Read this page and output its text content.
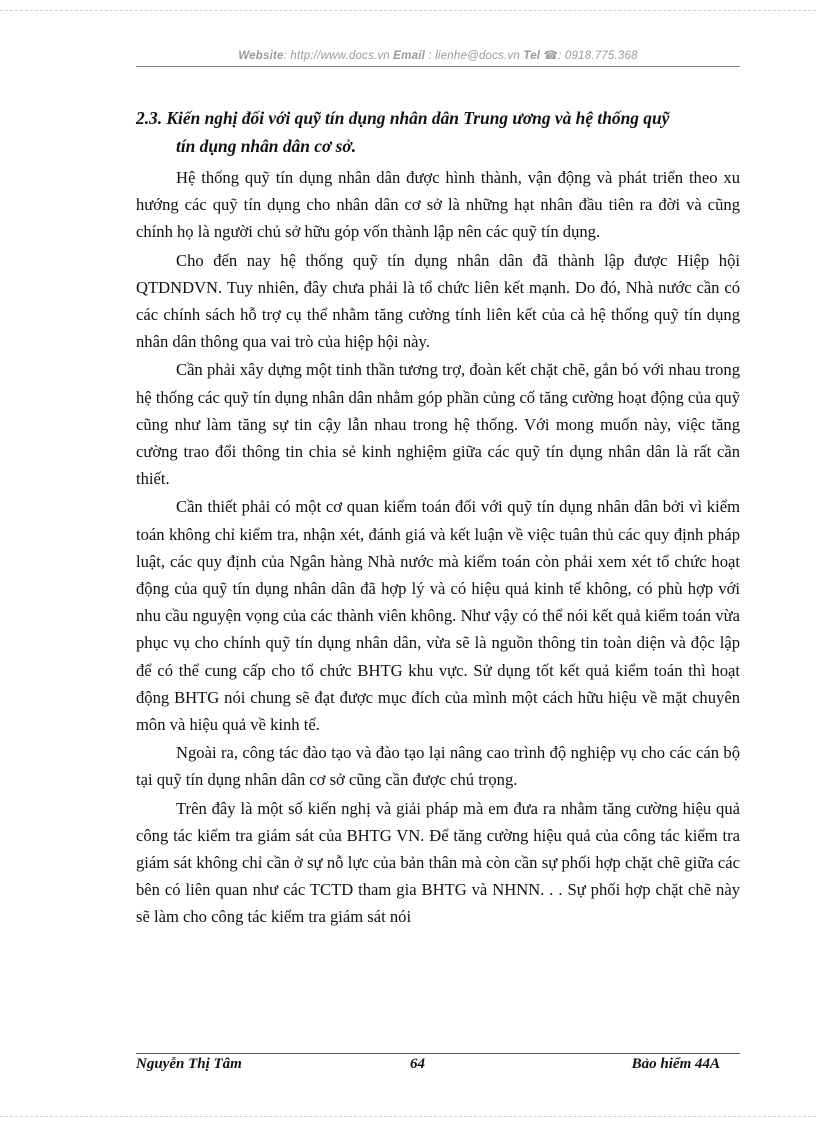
Website: http://www.docs.vn Email : lienhe@docs.vn Tel ☎: 0918.775.368
2.3. Kiến nghị đối với quỹ tín dụng nhân dân Trung ương và hệ thống quỹ
tín dụng nhân dân cơ sở.

Hệ thống quỹ tín dụng nhân dân được hình thành, vận động và phát triển theo xu hướng các quỹ tín dụng cho nhân dân cơ sở là những hạt nhân đầu tiên ra đời và cũng chính họ là người chủ sở hữu góp vốn thành lập nên các quỹ tín dụng.

Cho đến nay hệ thống quỹ tín dụng nhân dân đã thành lập được Hiệp hội QTDNDVN. Tuy nhiên, đây chưa phải là tổ chức liên kết mạnh. Do đó, Nhà nước cần có các chính sách hỗ trợ cụ thể nhằm tăng cường tính liên kết của cả hệ thống quỹ tín dụng nhân dân thông qua vai trò của hiệp hội này.

Cần phải xây dựng một tinh thần tương trợ, đoàn kết chặt chẽ, gắn bó với nhau trong hệ thống các quỹ tín dụng nhân dân nhằm góp phần củng cố tăng cường hoạt động của quỹ cũng như làm tăng sự tin cậy lẫn nhau trong hệ thống. Với mong muốn này, việc tăng cường trao đổi thông tin chia sẻ kinh nghiệm giữa các quỹ tín dụng nhân dân là rất cần thiết.

Cần thiết phải có một cơ quan kiểm toán đối với quỹ tín dụng nhân dân bởi vì kiểm toán không chỉ kiểm tra, nhận xét, đánh giá và kết luận về việc tuân thủ các quy định pháp luật, các quy định của Ngân hàng Nhà nước mà kiểm toán còn phải xem xét tổ chức hoạt động của quỹ tín dụng nhân dân đã hợp lý và có hiệu quả kinh tế không, có phù hợp với nhu cầu nguyện vọng của các thành viên không. Như vậy có thể nói kết quả kiểm toán vừa phục vụ cho chính quỹ tín dụng nhân dân, vừa sẽ là nguồn thông tin toàn diện và độc lập để có thể cung cấp cho tổ chức BHTG khu vực. Sử dụng tốt kết quả kiểm toán thì hoạt động BHTG nói chung sẽ đạt được mục đích của mình một cách hữu hiệu về mặt chuyên môn và hiệu quả về kinh tế.

Ngoài ra, công tác đào tạo và đào tạo lại nâng cao trình độ nghiệp vụ cho các cán bộ tại quỹ tín dụng nhân dân cơ sở cũng cần được chú trọng.

Trên đây là một số kiến nghị và giải pháp mà em đưa ra nhằm tăng cường hiệu quả công tác kiểm tra giám sát của BHTG VN. Để tăng cường hiệu quả của công tác kiểm tra giám sát không chỉ cần ở sự nỗ lực của bản thân mà còn cần sự phối hợp chặt chẽ giữa các bên có liên quan như các TCTD tham gia BHTG và NHNN. . . Sự phối hợp chặt chẽ này sẽ làm cho công tác kiểm tra giám sát nói

Nguyễn Thị Tâm	64	Bảo hiểm 44A
